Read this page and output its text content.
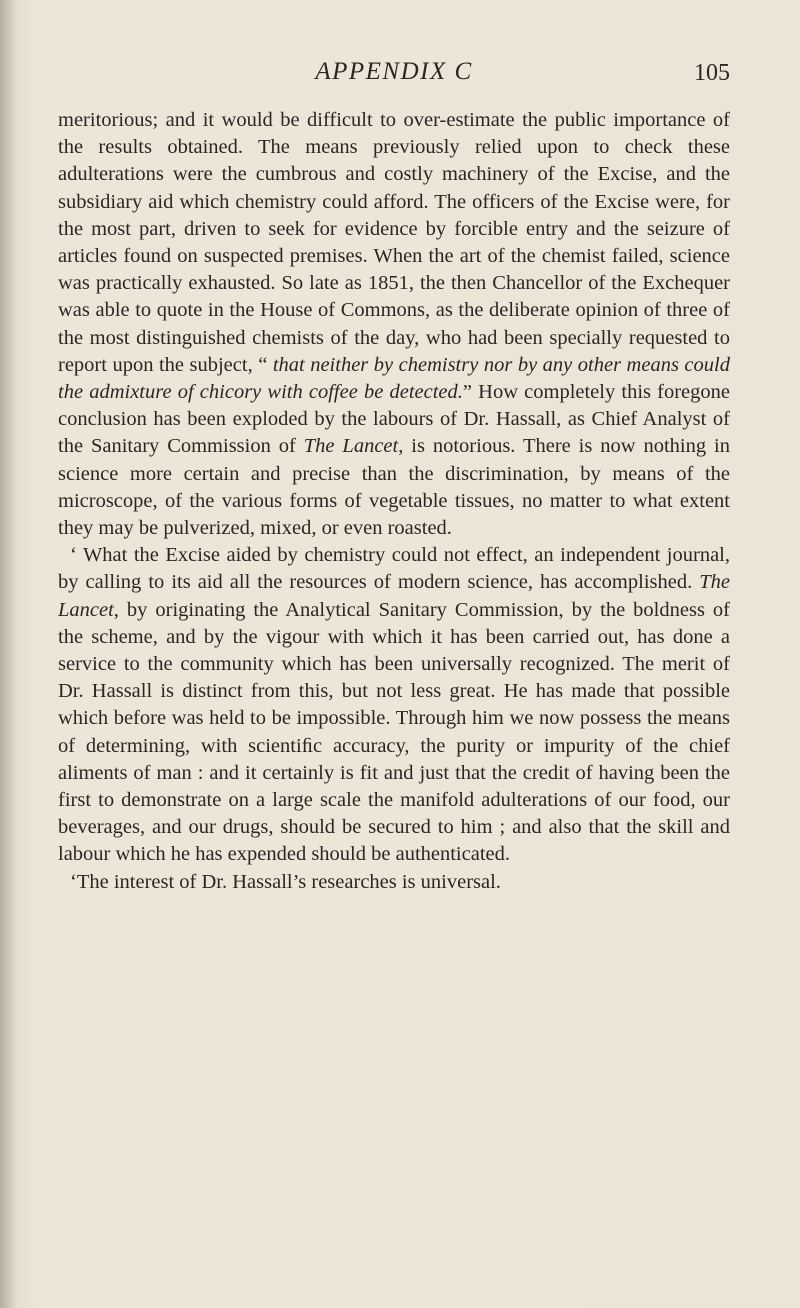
APPENDIX C	105

meritorious; and it would be difficult to over-estimate the public importance of the results obtained. The means previously relied upon to check these adulterations were the cumbrous and costly machinery of the Excise, and the subsidiary aid which chemistry could afford. The officers of the Excise were, for the most part, driven to seek for evidence by forcible entry and the seizure of articles found on suspected premises. When the art of the chemist failed, science was practically exhausted. So late as 1851, the then Chancellor of the Exchequer was able to quote in the House of Commons, as the deliberate opinion of three of the most distinguished chemists of the day, who had been specially requested to report upon the subject, “ that neither by chemistry nor by any other means could the admixture of chicory with coffee be detected.” How completely this foregone conclusion has been exploded by the labours of Dr. Hassall, as Chief Analyst of the Sanitary Commission of The Lancet, is notorious. There is now nothing in science more certain and precise than the discrimination, by means of the microscope, of the various forms of vegetable tissues, no matter to what extent they may be pulverized, mixed, or even roasted.

‘ What the Excise aided by chemistry could not effect, an independent journal, by calling to its aid all the resources of modern science, has accomplished. The Lancet, by originating the Analytical Sanitary Commission, by the boldness of the scheme, and by the vigour with which it has been carried out, has done a service to the community which has been universally recognized. The merit of Dr. Hassall is distinct from this, but not less great. He has made that possible which before was held to be impossible. Through him we now possess the means of determining, with scientiﬁc accuracy, the purity or impurity of the chief aliments of man : and it certainly is fit and just that the credit of having been the first to demonstrate on a large scale the manifold adulterations of our food, our beverages, and our drugs, should be secured to him ; and also that the skill and labour which he has expended should be authenticated.

‘The interest of Dr. Hassall’s researches is universal.
